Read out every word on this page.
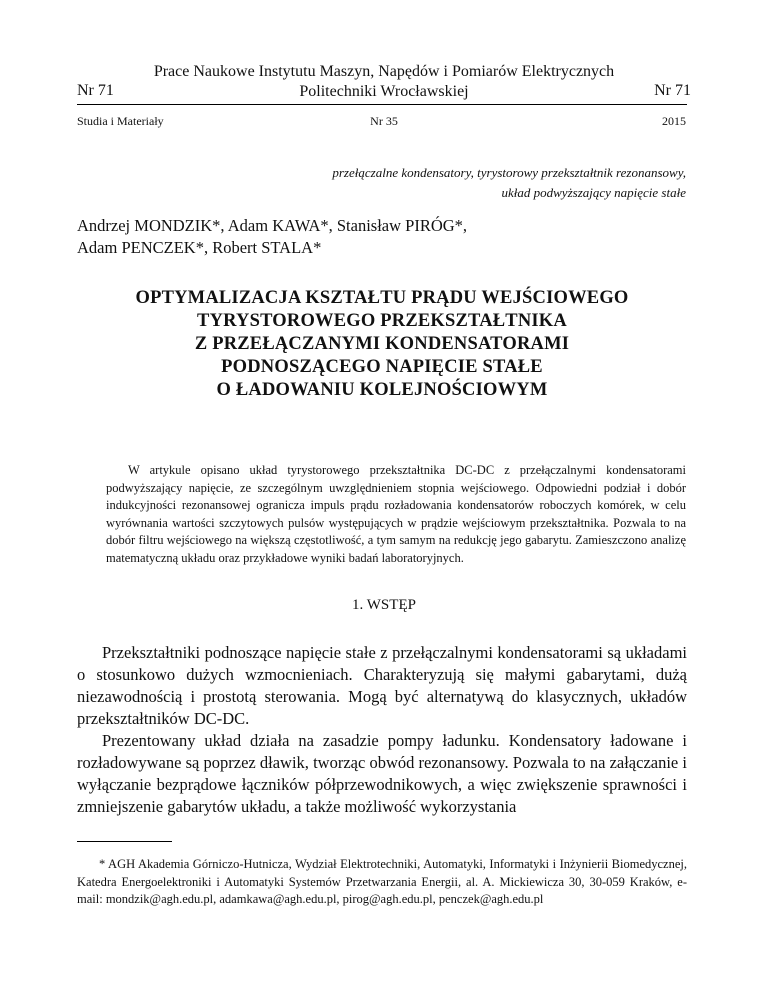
Prace Naukowe Instytutu Maszyn, Napędów i Pomiarów Elektrycznych
Politechniki Wrocławskiej
Nr 71	Nr 71
Studia i Materiały	Nr 35	2015
przełączalne kondensatory, tyrystorowy przekształtnik rezonansowy,
układ podwyższający napięcie stałe
Andrzej MONDZIK*, Adam KAWA*, Stanisław PIRÓG*,
Adam PENCZEK*, Robert STALA*
OPTYMALIZACJA KSZTAŁTU PRĄDU WEJŚCIOWEGO
TYRYSTOROWEGO PRZEKSZTAŁTNIKA
Z PRZEŁĄCZANYMI KONDENSATORAMI
PODNOSZĄCEGO NAPIĘCIE STAŁE
O ŁADOWANIU KOLEJNOŚCIOWYM
W artykule opisano układ tyrystorowego przekształtnika DC-DC z przełączalnymi kondensatorami podwyższający napięcie, ze szczególnym uwzględnieniem stopnia wejściowego. Odpowiedni podział i dobór indukcyjności rezonansowej ogranicza impuls prądu rozładowania kondensatorów roboczych komórek, w celu wyrównania wartości szczytowych pulsów występujących w prądzie wejściowym przekształtnika. Pozwala to na dobór filtru wejściowego na większą częstotliwość, a tym samym na redukcję jego gabarytu. Zamieszczono analizę matematyczną układu oraz przykładowe wyniki badań laboratoryjnych.
1. WSTĘP

Przekształtniki podnoszące napięcie stałe z przełączalnymi kondensatorami są układami o stosunkowo dużych wzmocnieniach. Charakteryzują się małymi gabarytami, dużą niezawodnością i prostotą sterowania. Mogą być alternatywą do klasycznych, układów przekształtników DC-DC.

Prezentowany układ działa na zasadzie pompy ładunku. Kondensatory ładowane i rozładowywane są poprzez dławik, tworząc obwód rezonansowy. Pozwala to na załączanie i wyłączanie bezprądowe łączników półprzewodnikowych, a więc zwiększenie sprawności i zmniejszenie gabarytów układu, a także możliwość wykorzystania

* AGH Akademia Górniczo-Hutnicza, Wydział Elektrotechniki, Automatyki, Informatyki i Inżynierii Biomedycznej, Katedra Energoelektroniki i Automatyki Systemów Przetwarzania Energii, al. A. Mickiewicza 30, 30-059 Kraków, e-mail: mondzik@agh.edu.pl, adamkawa@agh.edu.pl, pirog@agh.edu.pl, penczek@agh.edu.pl
